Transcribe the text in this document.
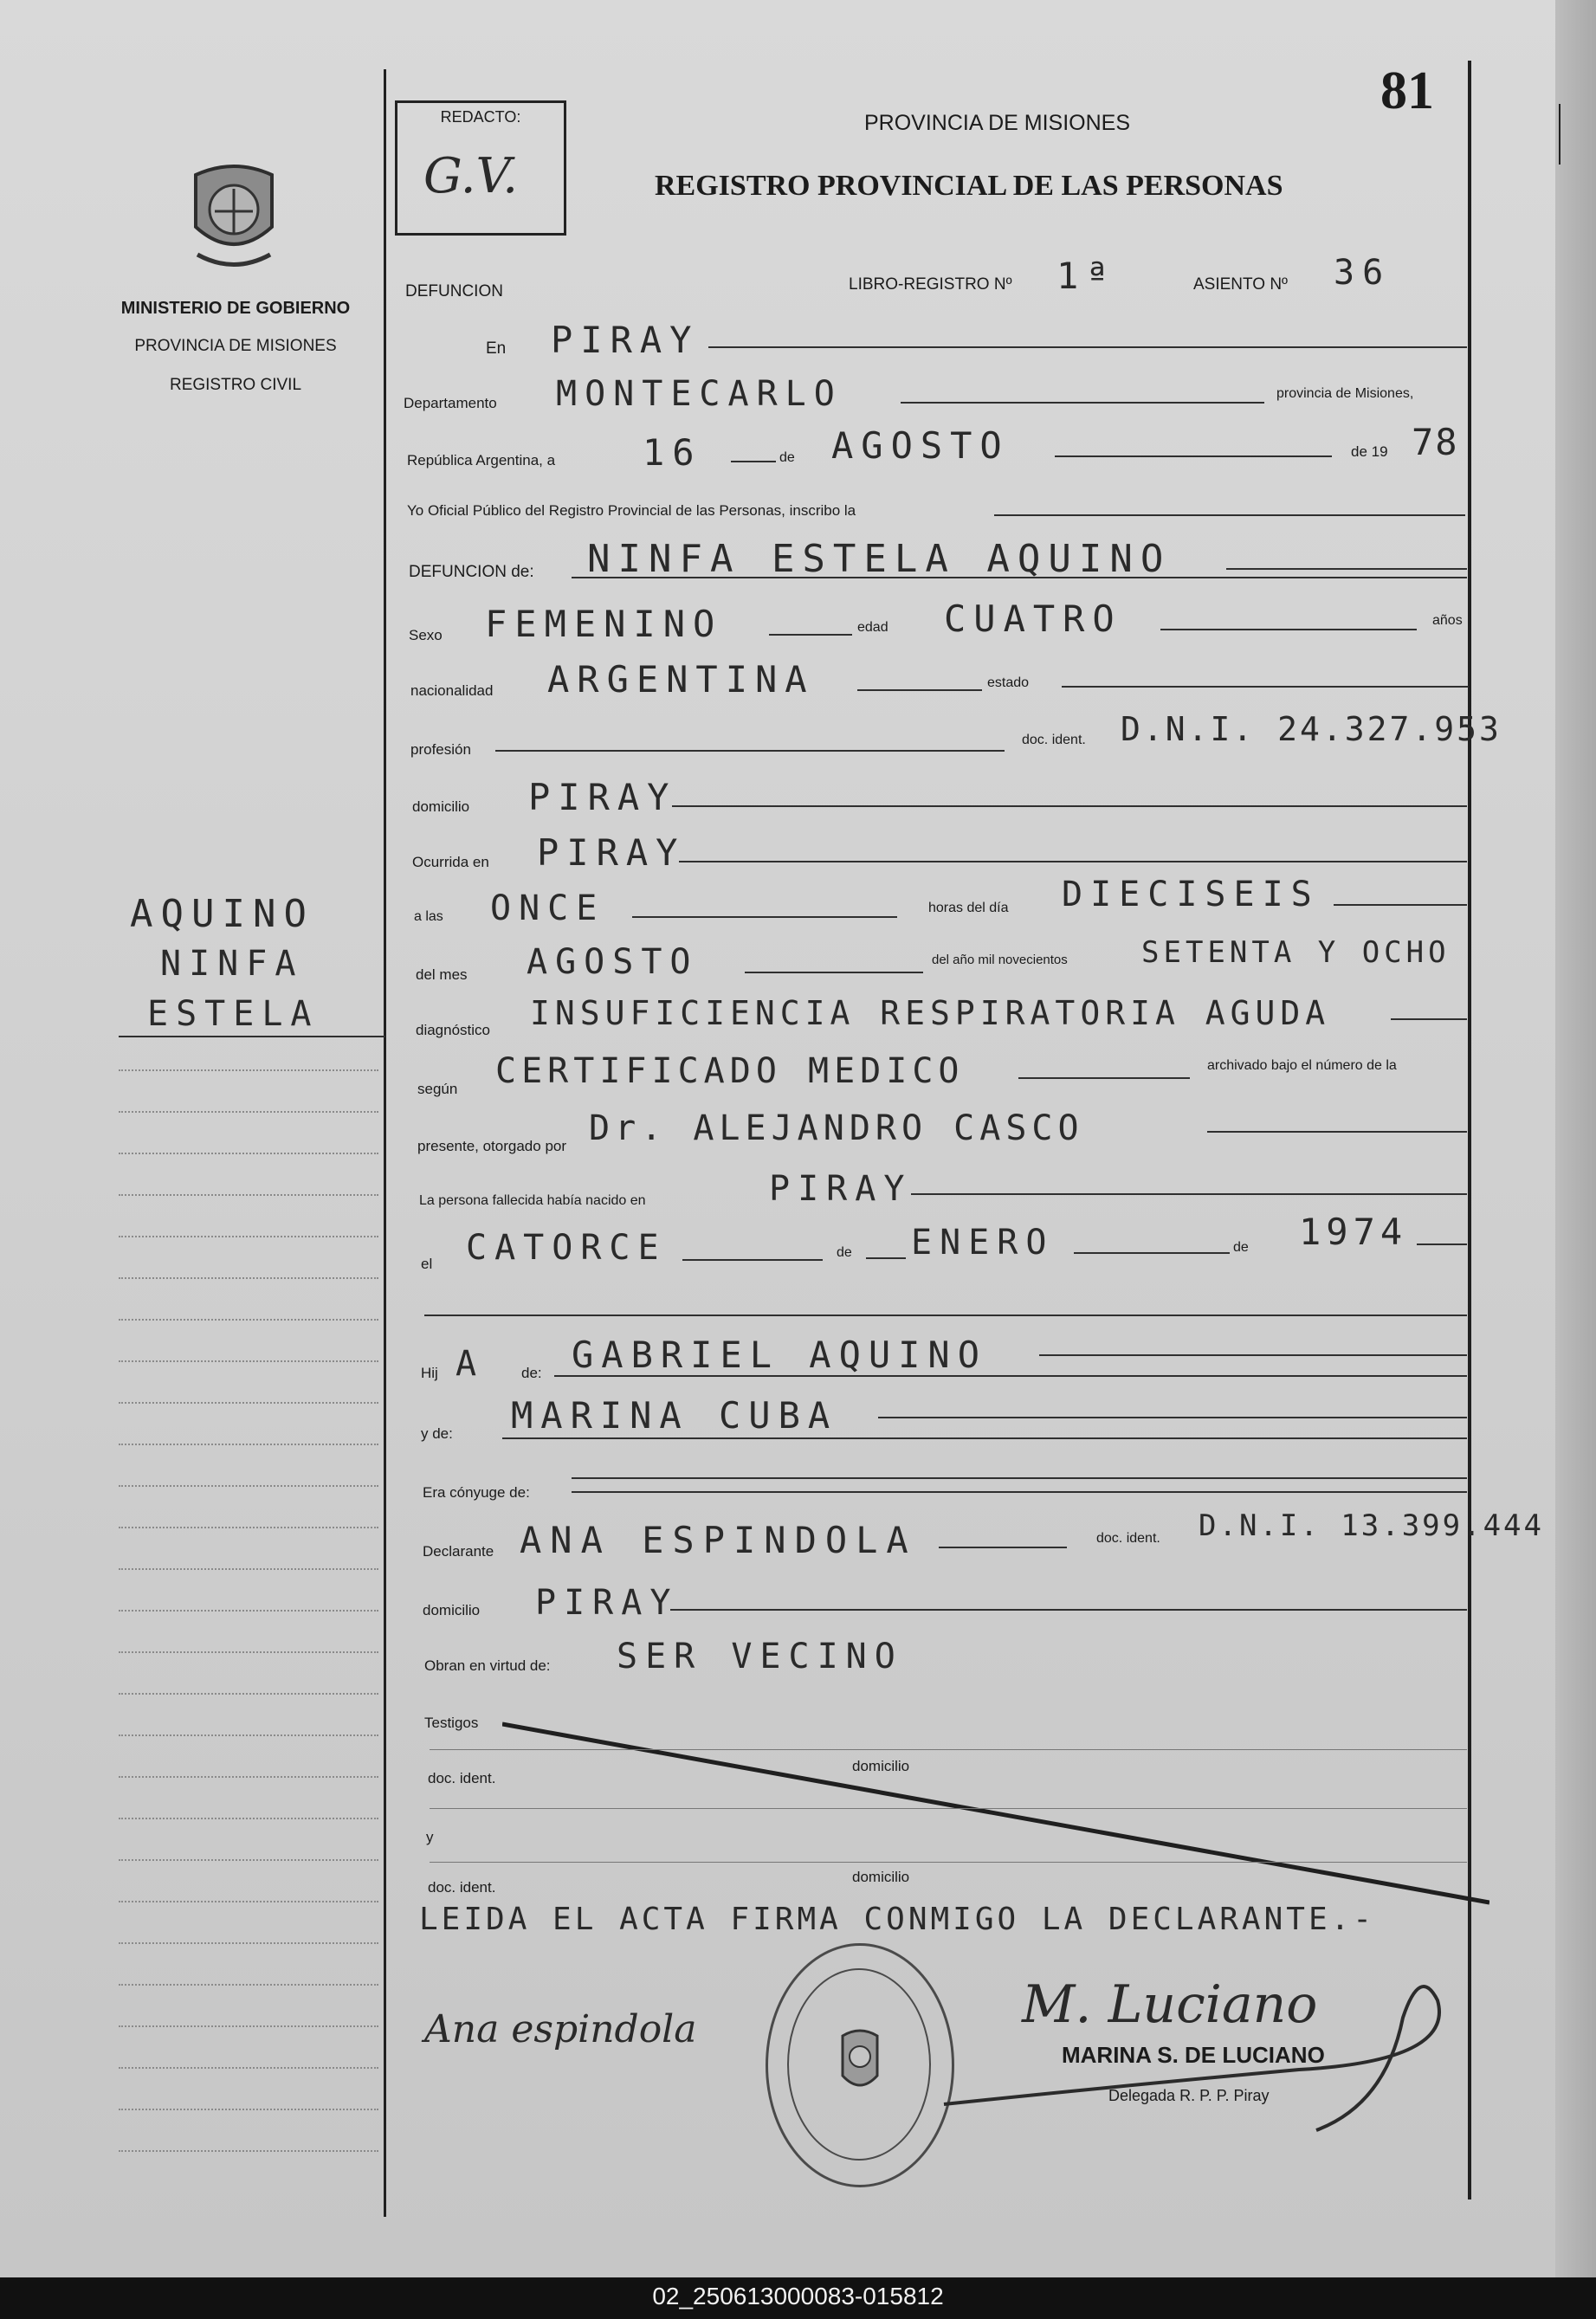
MINISTERIO DE GOBIERNO
PROVINCIA DE MISIONES
REGISTRO CIVIL
AQUINO
NINFA
ESTELA
REDACTO:
G.V.
PROVINCIA DE MISIONES
REGISTRO PROVINCIAL DE LAS PERSONAS
81
DEFUNCION	LIBRO-REGISTRO Nº 1ª	ASIENTO Nº 36
En PIRAY
Departamento MONTECARLO	provincia de Misiones,
República Argentina, a 16	de AGOSTO	de 19 78
Yo Oficial Público del Registro Provincial de las Personas, inscribo la
DEFUNCION de: NINFA ESTELA AQUINO
Sexo FEMENINO	edad CUATRO	años
nacionalidad ARGENTINA	estado
profesión
doc. ident. D.N.I. 24.327.953
domicilio PIRAY
Ocurrida en PIRAY
a las ONCE	horas del día DIECISEIS
del mes AGOSTO	del año mil novecientos	SETENTA Y OCHO
diagnóstico INSUFICIENCIA RESPIRATORIA AGUDA
según CERTIFICADO MEDICO	archivado bajo el número de la
presente, otorgado por Dr. ALEJANDRO CASCO
La persona fallecida había nacido en	PIRAY
el CATORCE	de ENERO	de 1974
Hij A	de: GABRIEL AQUINO
y de: MARINA CUBA
Era cónyuge de:
Declarante ANA ESPINDOLA	doc. ident. D.N.I. 13.399.444
domicilio PIRAY
Obran en virtud de: SER VECINO
Testigos
doc. ident.
domicilio
y
doc. ident.
domicilio
LEIDA EL ACTA FIRMA CONMIGO LA DECLARANTE.-
Ana espindola	M. Luciano
MARINA S. DE LUCIANO
Delegada R. P. P. Piray
02_250613000083-015812
